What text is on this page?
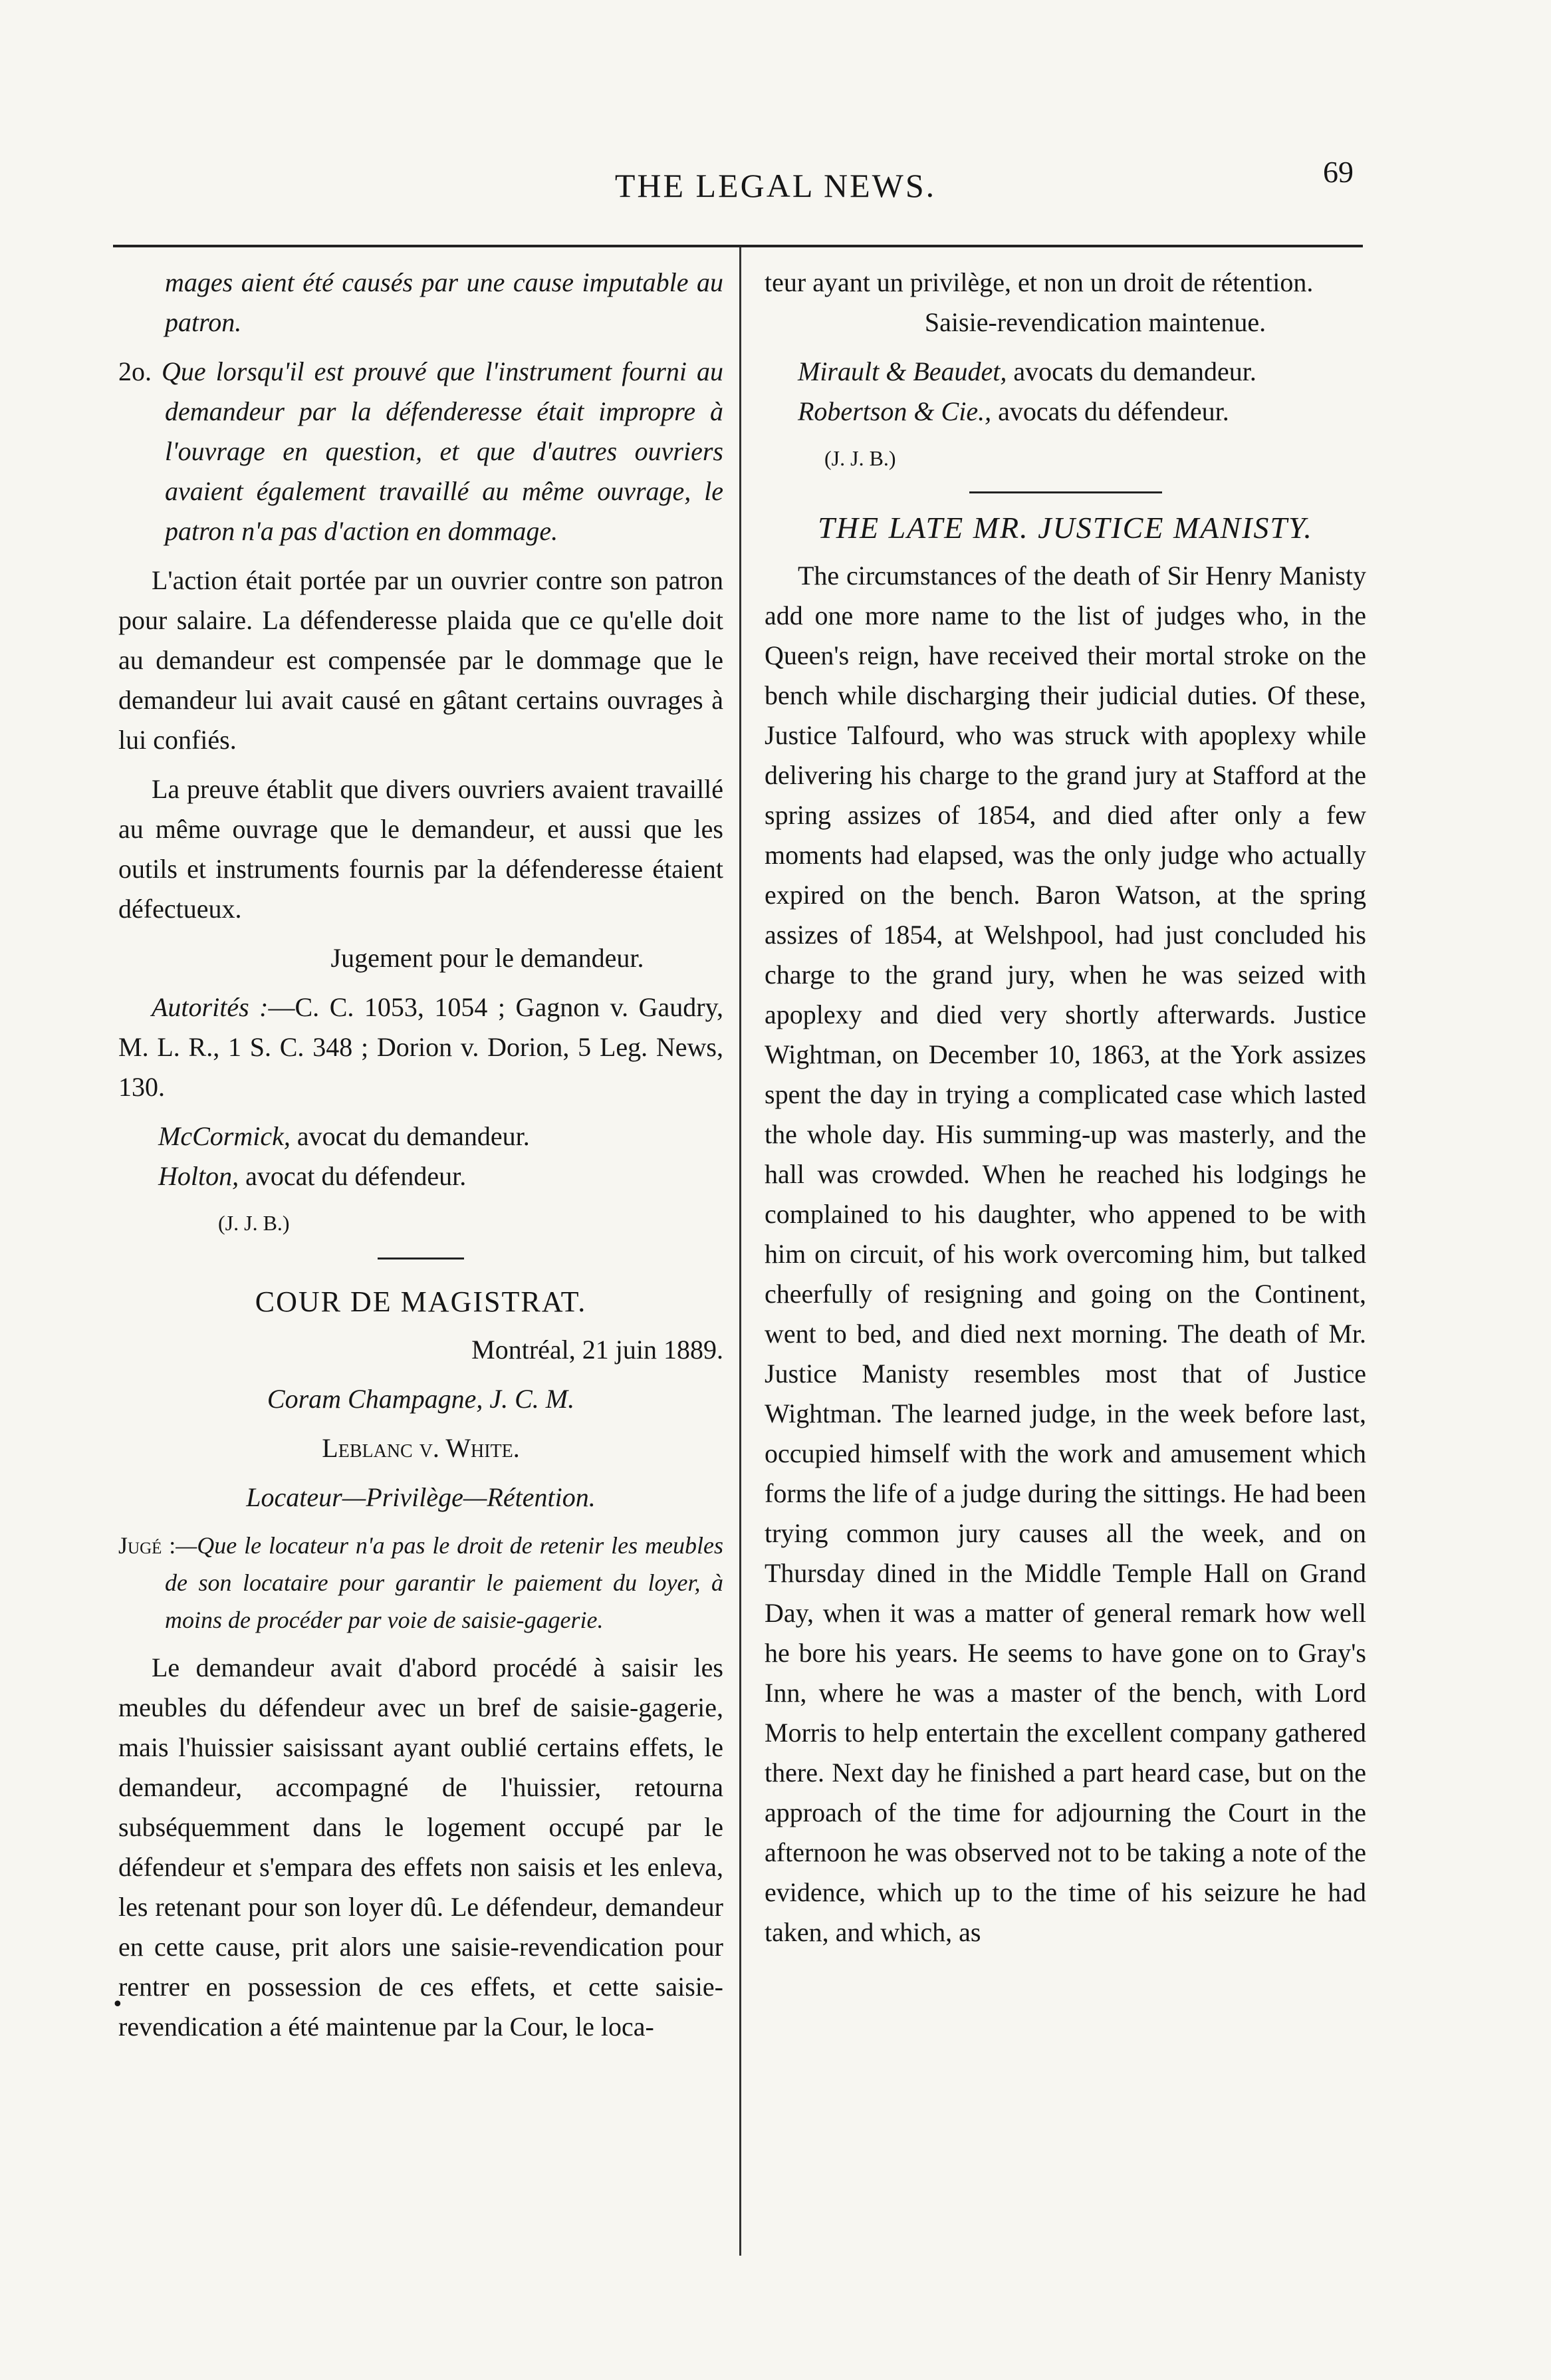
THE LEGAL NEWS.	69

mages aient été causés par une cause imputable au patron.

2o. Que lorsqu'il est prouvé que l'instrument fourni au demandeur par la défenderesse était impropre à l'ouvrage en question, et que d'autres ouvriers avaient également travaillé au même ouvrage, le patron n'a pas d'action en dommage.

L'action était portée par un ouvrier contre son patron pour salaire. La défenderesse plaida que ce qu'elle doit au demandeur est compensée par le dommage que le demandeur lui avait causé en gâtant certains ouvrages à lui confiés.

La preuve établit que divers ouvriers avaient travaillé au même ouvrage que le demandeur, et aussi que les outils et instruments fournis par la défenderesse étaient défectueux.

Jugement pour le demandeur.

Autorités :—C. C. 1053, 1054 ; Gagnon v. Gaudry, M. L. R., 1 S. C. 348 ; Dorion v. Dorion, 5 Leg. News, 130.

McCormick, avocat du demandeur.

Holton, avocat du défendeur.

(J. J. B.)

COUR DE MAGISTRAT.

Montréal, 21 juin 1889.

Coram Champagne, J. C. M.

Leblanc v. White.

Locateur—Privilège—Rétention.

Jugé :—Que le locateur n'a pas le droit de retenir les meubles de son locataire pour garantir le paiement du loyer, à moins de procéder par voie de saisie-gagerie.

Le demandeur avait d'abord procédé à saisir les meubles du défendeur avec un bref de saisie-gagerie, mais l'huissier saisissant ayant oublié certains effets, le demandeur, accompagné de l'huissier, retourna subséquemment dans le logement occupé par le défendeur et s'empara des effets non saisis et les enleva, les retenant pour son loyer dû. Le défendeur, demandeur en cette cause, prit alors une saisie-revendication pour rentrer en possession de ces effets, et cette saisie-revendication a été maintenue par la Cour, le loca-

teur ayant un privilège, et non un droit de rétention.

Saisie-revendication maintenue.

Mirault & Beaudet, avocats du demandeur.

Robertson & Cie., avocats du défendeur.

(J. J. B.)

THE LATE MR. JUSTICE MANISTY.

The circumstances of the death of Sir Henry Manisty add one more name to the list of judges who, in the Queen's reign, have received their mortal stroke on the bench while discharging their judicial duties. Of these, Justice Talfourd, who was struck with apoplexy while delivering his charge to the grand jury at Stafford at the spring assizes of 1854, and died after only a few moments had elapsed, was the only judge who actually expired on the bench. Baron Watson, at the spring assizes of 1854, at Welshpool, had just concluded his charge to the grand jury, when he was seized with apoplexy and died very shortly afterwards. Justice Wightman, on December 10, 1863, at the York assizes spent the day in trying a complicated case which lasted the whole day. His summing-up was masterly, and the hall was crowded. When he reached his lodgings he complained to his daughter, who appened to be with him on circuit, of his work overcoming him, but talked cheerfully of resigning and going on the Continent, went to bed, and died next morning. The death of Mr. Justice Manisty resembles most that of Justice Wightman. The learned judge, in the week before last, occupied himself with the work and amusement which forms the life of a judge during the sittings. He had been trying common jury causes all the week, and on Thursday dined in the Middle Temple Hall on Grand Day, when it was a matter of general remark how well he bore his years. He seems to have gone on to Gray's Inn, where he was a master of the bench, with Lord Morris to help entertain the excellent company gathered there. Next day he finished a part heard case, but on the approach of the time for adjourning the Court in the afternoon he was observed not to be taking a note of the evidence, which up to the time of his seizure he had taken, and which, as

•
